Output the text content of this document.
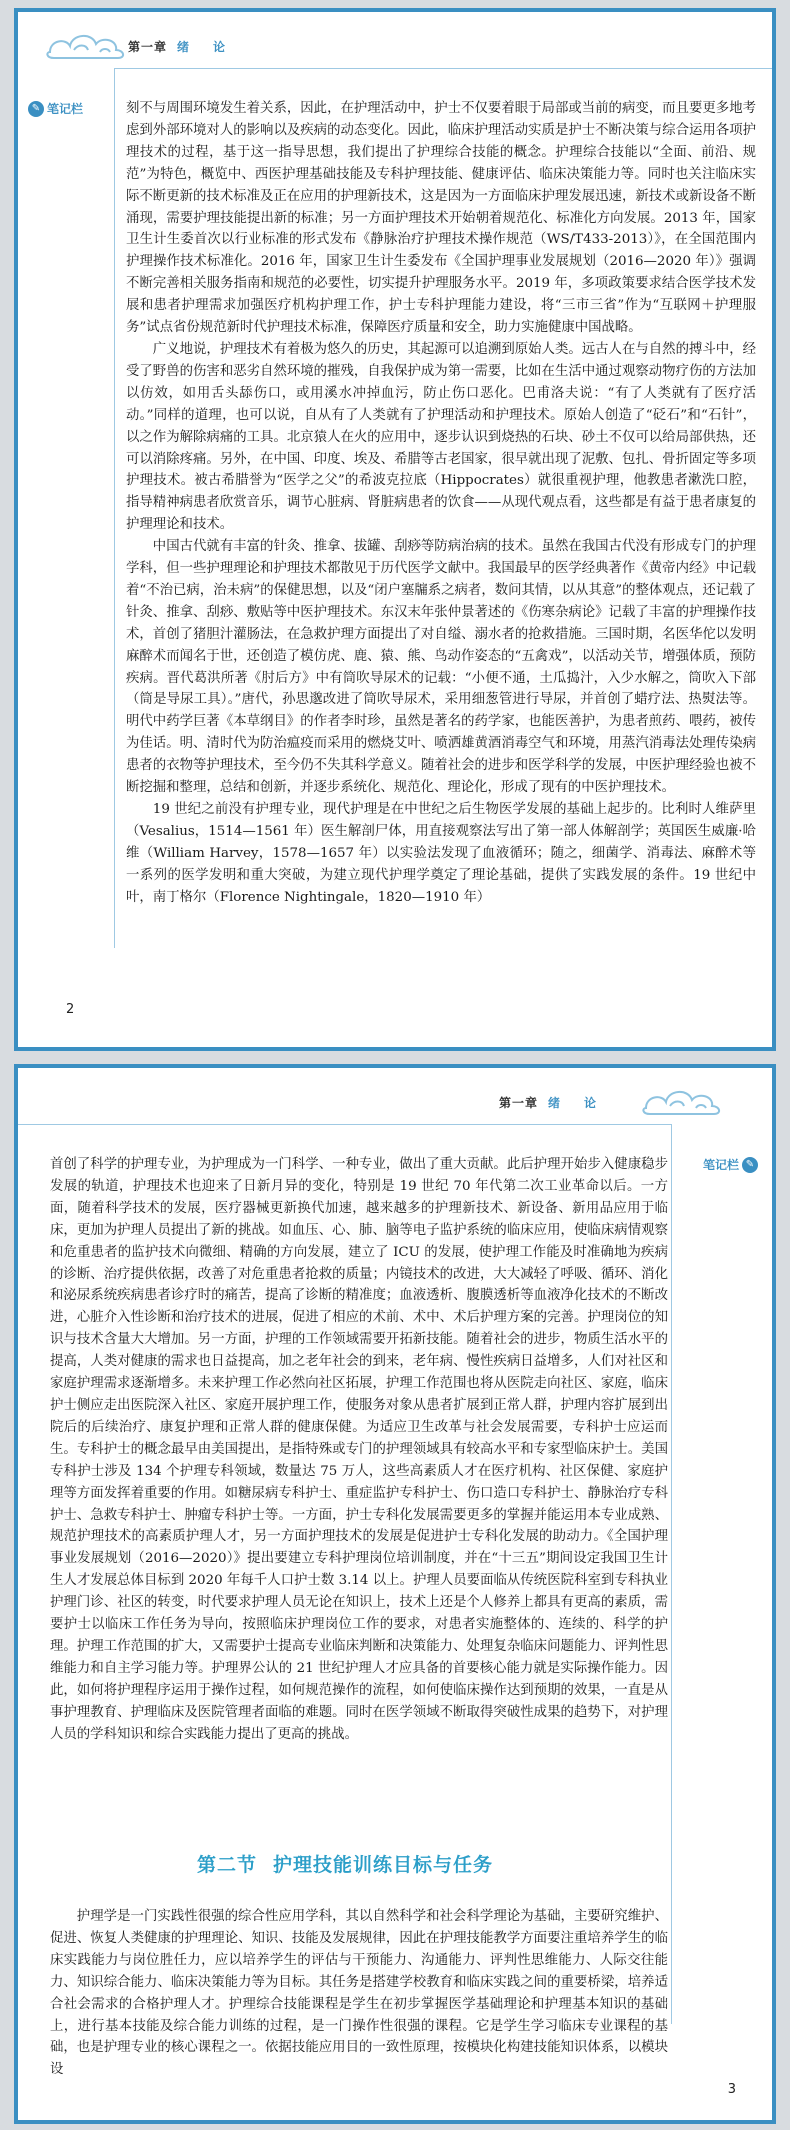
第一章 绪　论
✎ 笔记栏	刻不与周围环境发生着关系，因此，在护理活动中，护士不仅要着眼于局部或当前的病变，而且要更多地考虑到外部环境对人的影响以及疾病的动态变化。因此，临床护理活动实质是护士不断决策与综合运用各项护理技术的过程，基于这一指导思想，我们提出了护理综合技能的概念。护理综合技能以“全面、前沿、规范”为特色，概览中、西医护理基础技能及专科护理技能、健康评估、临床决策能力等。同时也关注临床实际不断更新的技术标准及正在应用的护理新技术，这是因为一方面临床护理发展迅速，新技术或新设备不断涌现，需要护理技能提出新的标准；另一方面护理技术开始朝着规范化、标准化方向发展。2013 年，国家卫生计生委首次以行业标准的形式发布《静脉治疗护理技术操作规范（WS/T433-2013）》，在全国范围内护理操作技术标准化。2016 年，国家卫生计生委发布《全国护理事业发展规划（2016—2020 年）》强调不断完善相关服务指南和规范的必要性，切实提升护理服务水平。2019 年，多项政策要求结合医学技术发展和患者护理需求加强医疗机构护理工作，护士专科护理能力建设，将“三市三省”作为“互联网＋护理服务”试点省份规范新时代护理技术标准，保障医疗质量和安全，助力实施健康中国战略。

广义地说，护理技术有着极为悠久的历史，其起源可以追溯到原始人类。远古人在与自然的搏斗中，经受了野兽的伤害和恶劣自然环境的摧残，自我保护成为第一需要，比如在生活中通过观察动物疗伤的方法加以仿效，如用舌头舔伤口，或用溪水冲掉血污，防止伤口恶化。巴甫洛夫说：“有了人类就有了医疗活动。”同样的道理，也可以说，自从有了人类就有了护理活动和护理技术。原始人创造了“砭石”和“石针”，以之作为解除病痛的工具。北京猿人在火的应用中，逐步认识到烧热的石块、砂土不仅可以给局部供热，还可以消除疼痛。另外，在中国、印度、埃及、希腊等古老国家，很早就出现了泥敷、包扎、骨折固定等多项护理技术。被古希腊誉为“医学之父”的希波克拉底（Hippocrates）就很重视护理，他教患者漱洗口腔，指导精神病患者欣赏音乐，调节心脏病、肾脏病患者的饮食——从现代观点看，这些都是有益于患者康复的护理理论和技术。

中国古代就有丰富的针灸、推拿、拔罐、刮痧等防病治病的技术。虽然在我国古代没有形成专门的护理学科，但一些护理理论和护理技术都散见于历代医学文献中。我国最早的医学经典著作《黄帝内经》中记载着“不治已病，治未病”的保健思想，以及“闭户塞牖系之病者，数问其情，以从其意”的整体观点，还记载了针灸、推拿、刮痧、敷贴等中医护理技术。东汉末年张仲景著述的《伤寒杂病论》记载了丰富的护理操作技术，首创了猪胆汁灌肠法，在急救护理方面提出了对自缢、溺水者的抢救措施。三国时期，名医华佗以发明麻醉术而闻名于世，还创造了模仿虎、鹿、猿、熊、鸟动作姿态的“五禽戏”，以活动关节，增强体质，预防疾病。晋代葛洪所著《肘后方》中有筒吹导尿术的记载：“小便不通，土瓜捣汁，入少水解之，筒吹入下部（筒是导尿工具）。”唐代，孙思邈改进了筒吹导尿术，采用细葱管进行导尿，并首创了蜡疗法、热熨法等。明代中药学巨著《本草纲目》的作者李时珍，虽然是著名的药学家，也能医善护，为患者煎药、喂药，被传为佳话。明、清时代为防治瘟疫而采用的燃烧艾叶、喷洒雄黄酒消毒空气和环境，用蒸汽消毒法处理传染病患者的衣物等护理技术，至今仍不失其科学意义。随着社会的进步和医学科学的发展，中医护理经验也被不断挖掘和整理，总结和创新，并逐步系统化、规范化、理论化，形成了现有的中医护理技术。

19 世纪之前没有护理专业，现代护理是在中世纪之后生物医学发展的基础上起步的。比利时人维萨里（Vesalius，1514—1561 年）医生解剖尸体，用直接观察法写出了第一部人体解剖学；英国医生威廉·哈维（William Harvey，1578—1657 年）以实验法发现了血液循环；随之，细菌学、消毒法、麻醉术等一系列的医学发明和重大突破，为建立现代护理学奠定了理论基础，提供了实践发展的条件。19 世纪中叶，南丁格尔（Florence Nightingale，1820—1910 年）

2
第一章 绪　论
笔记栏 ✎

首创了科学的护理专业，为护理成为一门科学、一种专业，做出了重大贡献。此后护理开始步入健康稳步发展的轨道，护理技术也迎来了日新月异的变化，特别是 19 世纪 70 年代第二次工业革命以后。一方面，随着科学技术的发展，医疗器械更新换代加速，越来越多的护理新技术、新设备、新用品应用于临床，更加为护理人员提出了新的挑战。如血压、心、肺、脑等电子监护系统的临床应用，使临床病情观察和危重患者的监护技术向微细、精确的方向发展，建立了 ICU 的发展，使护理工作能及时准确地为疾病的诊断、治疗提供依据，改善了对危重患者抢救的质量；内镜技术的改进，大大减轻了呼吸、循环、消化和泌尿系统疾病患者诊疗时的痛苦，提高了诊断的精准度；血液透析、腹膜透析等血液净化技术的不断改进，心脏介入性诊断和治疗技术的进展，促进了相应的术前、术中、术后护理方案的完善。护理岗位的知识与技术含量大大增加。另一方面，护理的工作领域需要开拓新技能。随着社会的进步，物质生活水平的提高，人类对健康的需求也日益提高，加之老年社会的到来，老年病、慢性疾病日益增多，人们对社区和家庭护理需求逐渐增多。未来护理工作必然向社区拓展，护理工作范围也将从医院走向社区、家庭，临床护士侧应走出医院深入社区、家庭开展护理工作，使服务对象从患者扩展到正常人群，护理内容扩展到出院后的后续治疗、康复护理和正常人群的健康保健。为适应卫生改革与社会发展需要，专科护士应运而生。专科护士的概念最早由美国提出，是指特殊或专门的护理领域具有较高水平和专家型临床护士。美国专科护士涉及 134 个护理专科领域，数量达 75 万人，这些高素质人才在医疗机构、社区保健、家庭护理等方面发挥着重要的作用。如糖尿病专科护士、重症监护专科护士、伤口造口专科护士、静脉治疗专科护士、急救专科护士、肿瘤专科护士等。一方面，护士专科化发展需要更多的掌握并能运用本专业成熟、规范护理技术的高素质护理人才，另一方面护理技术的发展是促进护士专科化发展的助动力。《全国护理事业发展规划（2016—2020）》提出要建立专科护理岗位培训制度，并在“十三五”期间设定我国卫生计生人才发展总体目标到 2020 年每千人口护士数 3.14 以上。护理人员要面临从传统医院科室到专科执业护理门诊、社区的转变，时代要求护理人员无论在知识上，技术上还是个人修养上都具有更高的素质，需要护士以临床工作任务为导向，按照临床护理岗位工作的要求，对患者实施整体的、连续的、科学的护理。护理工作范围的扩大，又需要护士提高专业临床判断和决策能力、处理复杂临床问题能力、评判性思维能力和自主学习能力等。护理界公认的 21 世纪护理人才应具备的首要核心能力就是实际操作能力。因此，如何将护理程序运用于操作过程，如何规范操作的流程，如何使临床操作达到预期的效果，一直是从事护理教育、护理临床及医院管理者面临的难题。同时在医学领域不断取得突破性成果的趋势下，对护理人员的学科知识和综合实践能力提出了更高的挑战。

第二节 护理技能训练目标与任务

护理学是一门实践性很强的综合性应用学科，其以自然科学和社会科学理论为基础，主要研究维护、促进、恢复人类健康的护理理论、知识、技能及发展规律，因此在护理技能教学方面要注重培养学生的临床实践能力与岗位胜任力，应以培养学生的评估与干预能力、沟通能力、评判性思维能力、人际交往能力、知识综合能力、临床决策能力等为目标。其任务是搭建学校教育和临床实践之间的重要桥梁，培养适合社会需求的合格护理人才。护理综合技能课程是学生在初步掌握医学基础理论和护理基本知识的基础上，进行基本技能及综合能力训练的过程，是一门操作性很强的课程。它是学生学习临床专业课程的基础，也是护理专业的核心课程之一。依据技能应用目的一致性原理，按模块化构建技能知识体系，以模块设

3
